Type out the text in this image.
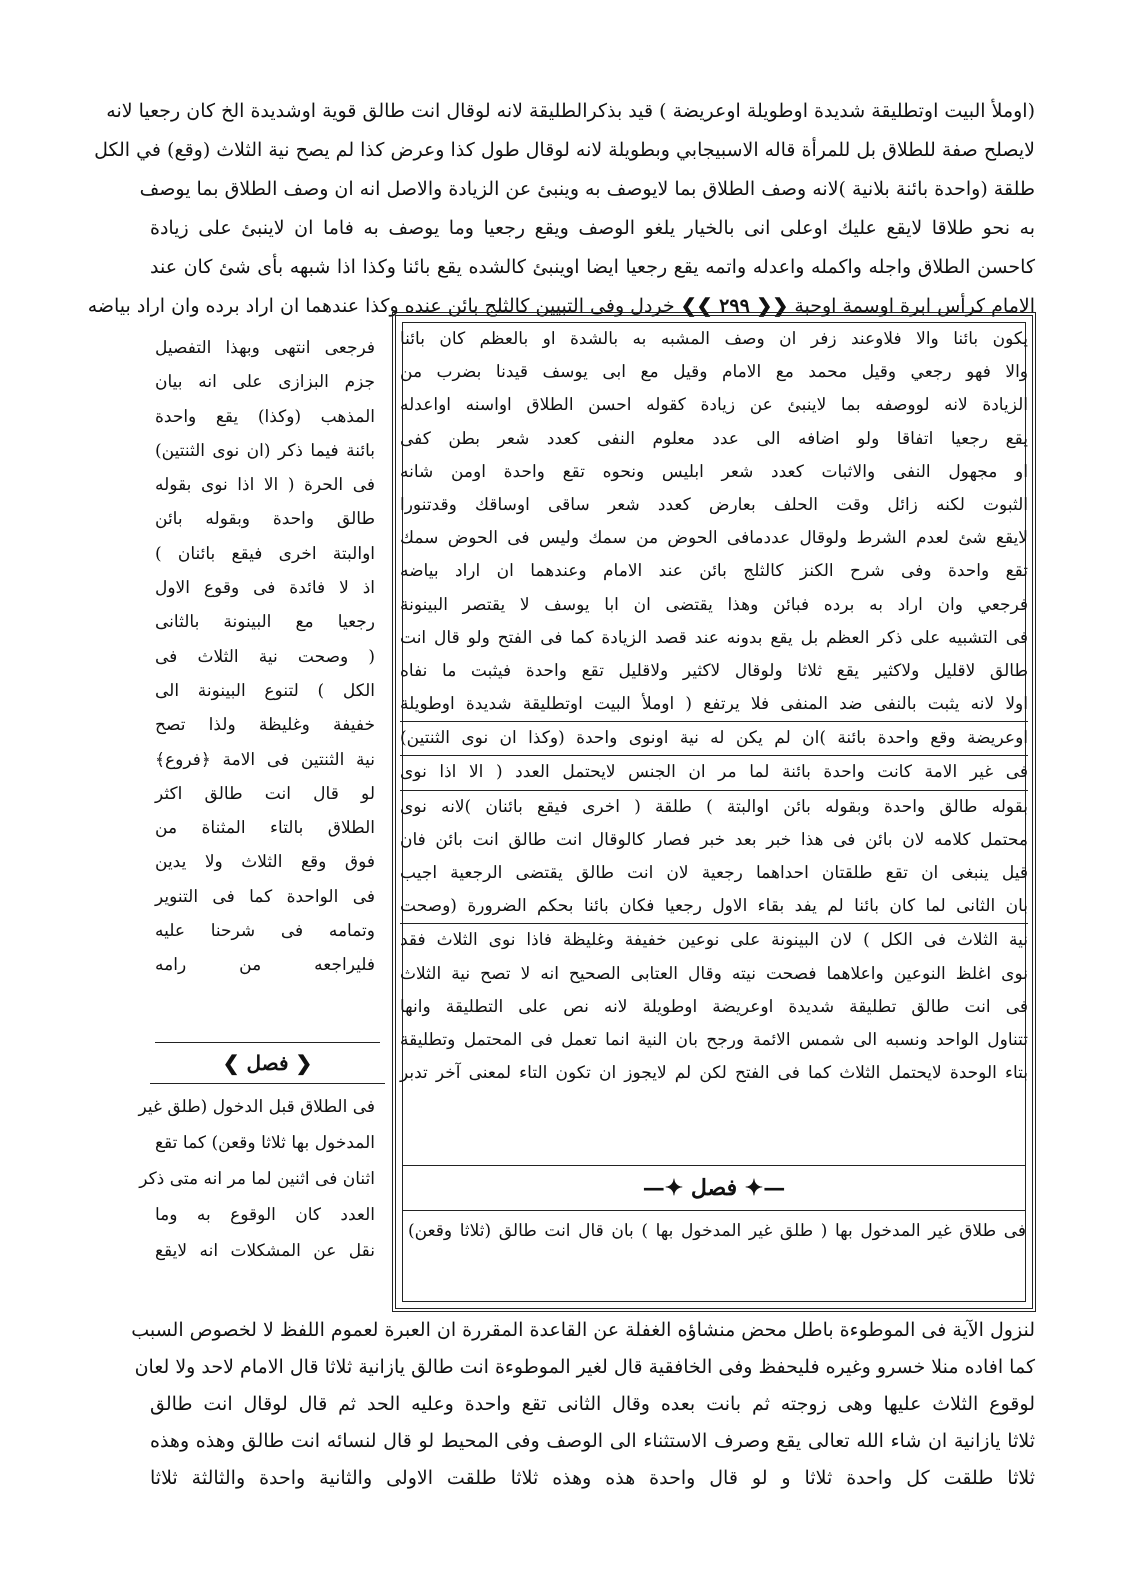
(اوملأ البيت اوتطليقة شديدة اوطويلة اوعريضة ) قيد بذكرالطليقة لانه لوقال انت طالق قوية اوشديدة الخ كان رجعيا لانه
لايصلح صفة للطلاق بل للمرأة قاله الاسبيجابي وبطويلة لانه لوقال طول كذا وعرض كذا لم يصح نية الثلاث (وقع) في الكل
طلقة (واحدة بائنة بلانية )لانه وصف الطلاق بما لايوصف به وينبئ عن الزيادة والاصل انه ان وصف الطلاق بما يوصف
به نحو طلاقا لايقع عليك اوعلى انى بالخيار يلغو الوصف ويقع رجعيا وما يوصف به فاما ان لاينبئ على زيادة
كاحسن الطلاق واجله واكمله واعدله واتمه يقع رجعيا ايضا اوينبئ كالشده يقع بائنا وكذا اذا شبهه بأى شئ كان عند
الامام كرأس ابرة اوسمة اوحبة ❮❮ ٢٩٩ ❯❯ خردل وفى التبيين كالثلج بائن عنده وكذا عندهما ان اراد برده وان اراد بياضه
يكون بائنا والا فلاوعند زفر ان وصف المشبه به بالشدة او بالعظم كان بائنا
والا فهو رجعي وقيل محمد مع الامام وقيل مع ابى يوسف قيدنا بضرب من
الزيادة لانه لووصفه بما لاينبئ عن زيادة كقوله احسن الطلاق اواسنه اواعدله
يقع رجعيا اتفاقا ولو اضافه الى عدد معلوم النفى كعدد شعر بطن كفى
او مجهول النفى والاثبات كعدد شعر ابليس ونحوه تقع واحدة اومن شانه
الثبوت لكنه زائل وقت الحلف بعارض كعدد شعر ساقى اوساقك وقدتنورا
لايقع شئ لعدم الشرط ولوقال عددمافى الحوض من سمك وليس فى الحوض سمك
تقع واحدة وفى شرح الكنز كالثلج بائن عند الامام وعندهما ان اراد بياضه
فرجعي وان اراد به برده فبائن وهذا يقتضى ان ابا يوسف لا يقتصر البينونة
فى التشبيه على ذكر العظم بل يقع بدونه عند قصد الزيادة كما فى الفتح ولو قال انت
طالق لاقليل ولاكثير يقع ثلاثا ولوقال لاكثير ولاقليل تقع واحدة فيثبت ما نفاه
اولا لانه يثبت بالنفى ضد المنفى فلا يرتفع ( اوملأ البيت اوتطليقة شديدة اوطويلة
اوعريضة وقع واحدة بائنة )ان لم يكن له نية اونوى واحدة (وكذا ان نوى الثنتين)
فى غير الامة كانت واحدة بائنة لما مر ان الجنس لايحتمل العدد ( الا اذا نوى
بقوله طالق واحدة وبقوله بائن اوالبتة ) طلقة ( اخرى فيقع بائنان )لانه نوى
محتمل كلامه لان بائن فى هذا خبر بعد خبر فصار كالوقال انت طالق انت بائن فان
قيل ينبغى ان تقع طلقتان احداهما رجعية لان انت طالق يقتضى الرجعية اجيب
بان الثانى لما كان بائنا لم يفد بقاء الاول رجعيا فكان بائنا بحكم الضرورة (وصحت
نية الثلاث فى الكل ) لان البينونة على نوعين خفيفة وغليظة فاذا نوى الثلاث فقد
نوى اغلظ النوعين واعلاهما فصحت نيته وقال العتابى الصحيح انه لا تصح نية الثلاث
فى انت طالق تطليقة شديدة اوعريضة اوطويلة لانه نص على التطليقة وانها
تتناول الواحد ونسبه الى شمس الائمة ورجح بان النية انما تعمل فى المحتمل وتطليقة
بتاء الوحدة لايحتمل الثلاث كما فى الفتح لكن لم لايجوز ان تكون التاء لمعنى آخر تدبر
—✦ فصل ✦—
فى طلاق غير المدخول بها ( طلق غير المدخول بها ) بان قال انت طالق (ثلاثا وقعن)
فرجعى انتهى وبهذا التفصيل
جزم البزازى على انه بيان
المذهب (وكذا) يقع واحدة
بائنة فيما ذكر (ان نوى الثنتين)
فى الحرة ( الا اذا نوى بقوله
طالق واحدة وبقوله بائن
اوالبتة اخرى فيقع بائنان )
اذ لا فائدة فى وقوع الاول
رجعيا مع البينونة بالثانى
( وصحت نية الثلاث فى
الكل ) لتنوع البينونة الى
خفيفة وغليظة ولذا تصح
نية الثنتين فى الامة ﴿فروع﴾
لو قال انت طالق اكثر
الطلاق بالتاء المثناة من
فوق وقع الثلاث ولا يدين
فى الواحدة كما فى التنوير
وتمامه فى شرحنا عليه
فليراجعه من رامه
❮ فصل ❯
فى الطلاق قبل الدخول (طلق غير
المدخول بها ثلاثا وقعن) كما تقع
اثنان فى اثنين لما مر انه متى ذكر
العدد كان الوقوع به وما
نقل عن المشكلات انه لايقع
لنزول الآية فى الموطوءة باطل محض منشاؤه الغفلة عن القاعدة المقررة ان العبرة لعموم اللفظ لا لخصوص السبب
كما افاده منلا خسرو وغيره فليحفظ وفى الخافقية قال لغير الموطوءة انت طالق يازانية ثلاثا قال الامام لاحد ولا لعان
لوقوع الثلاث عليها وهى زوجته ثم بانت بعده وقال الثانى تقع واحدة وعليه الحد ثم قال لوقال انت طالق
ثلاثا يازانية ان شاء الله تعالى يقع وصرف الاستثناء الى الوصف وفى المحيط لو قال لنسائه انت طالق وهذه وهذه
ثلاثا طلقت كل واحدة ثلاثا و لو قال واحدة هذه وهذه ثلاثا طلقت الاولى والثانية واحدة والثالثة ثلاثا
